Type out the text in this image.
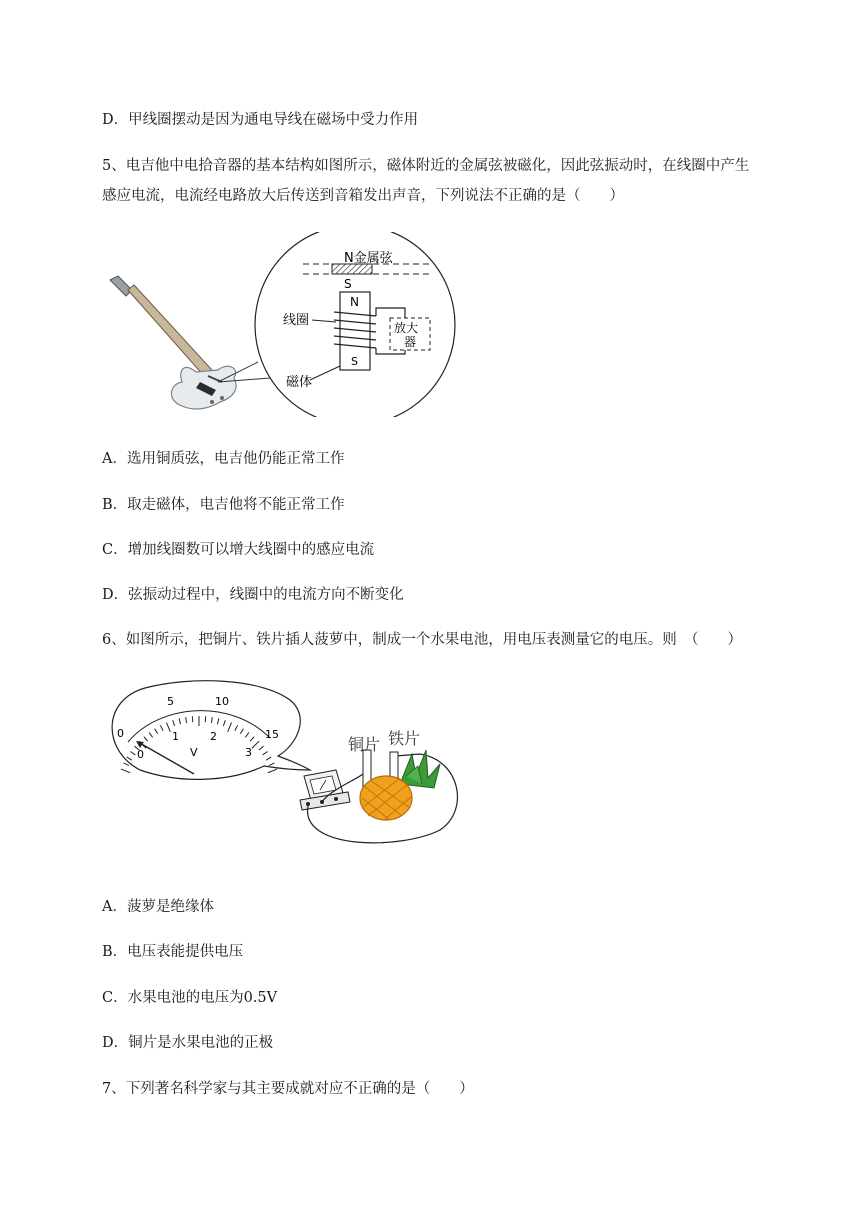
D．甲线圈摆动是因为通电导线在磁场中受力作用
5、电吉他中电拾音器的基本结构如图所示，磁体附近的金属弦被磁化，因此弦振动时，在线圈中产生
感应电流，电流经电路放大后传送到音箱发出声音，下列说法不正确的是（　　）
N金属弦
S
N
S
放大
器
线圈
磁体
A．选用铜质弦，电吉他仍能正常工作
B．取走磁体，电吉他将不能正常工作
C．增加线圈数可以增大线圈中的感应电流
D．弦振动过程中，线圈中的电流方向不断变化
6、如图所示，把铜片、铁片插人菠萝中，制成一个水果电池，用电压表测量它的电压。则　（　　）
0
5	10
15
0
1	2
3
V	铜片 铁片
A．菠萝是绝缘体
B．电压表能提供电压
C．水果电池的电压为0.5V
D．铜片是水果电池的正极
7、下列著名科学家与其主要成就对应不正确的是（　　）
